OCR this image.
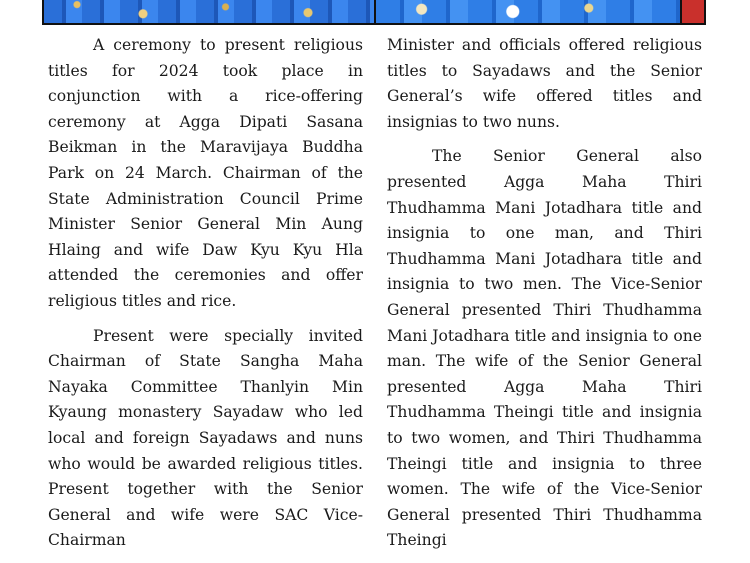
A ceremony to present religious titles for 2024 took place in conjunction with a rice-offering ceremony at Agga Dipati Sasana Beikman in the Maravijaya Buddha Park on 24 March. Chairman of the State Administration Council Prime Minister Senior General Min Aung Hlaing and wife Daw Kyu Kyu Hla attended the ceremonies and offer religious titles and rice.

Present were specially invited Chairman of State Sangha Maha Nayaka Committee Thanlyin Min Kyaung monastery Sayadaw who led local and foreign Sayadaws and nuns who would be awarded religious titles. Present together with the Senior General and wife were SAC Vice-Chairman

Minister and officials offered religious titles to Sayadaws and the Senior General’s wife offered titles and insignias to two nuns.

The Senior General also presented Agga Maha Thiri Thudhamma Mani Jotadhara title and insignia to one man, and Thiri Thudhamma Mani Jotadhara title and insignia to two men. The Vice-Senior General presented Thiri Thudhamma Mani Jotadhara title and insignia to one man. The wife of the Senior General presented Agga Maha Thiri Thudhamma Theingi title and insignia to two women, and Thiri Thudhamma Theingi title and insignia to three women. The wife of the Vice-Senior General presented Thiri Thudhamma Theingi
